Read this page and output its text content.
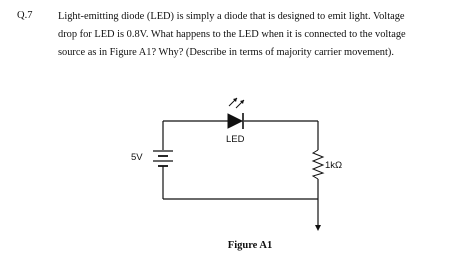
Q.7 Light-emitting diode (LED) is simply a diode that is designed to emit light. Voltage
drop for LED is 0.8V. What happens to the LED when it is connected to the voltage
source as in Figure A1? Why? (Describe in terms of majority carrier movement).
LED
5V
1kΩ
Figure A1
